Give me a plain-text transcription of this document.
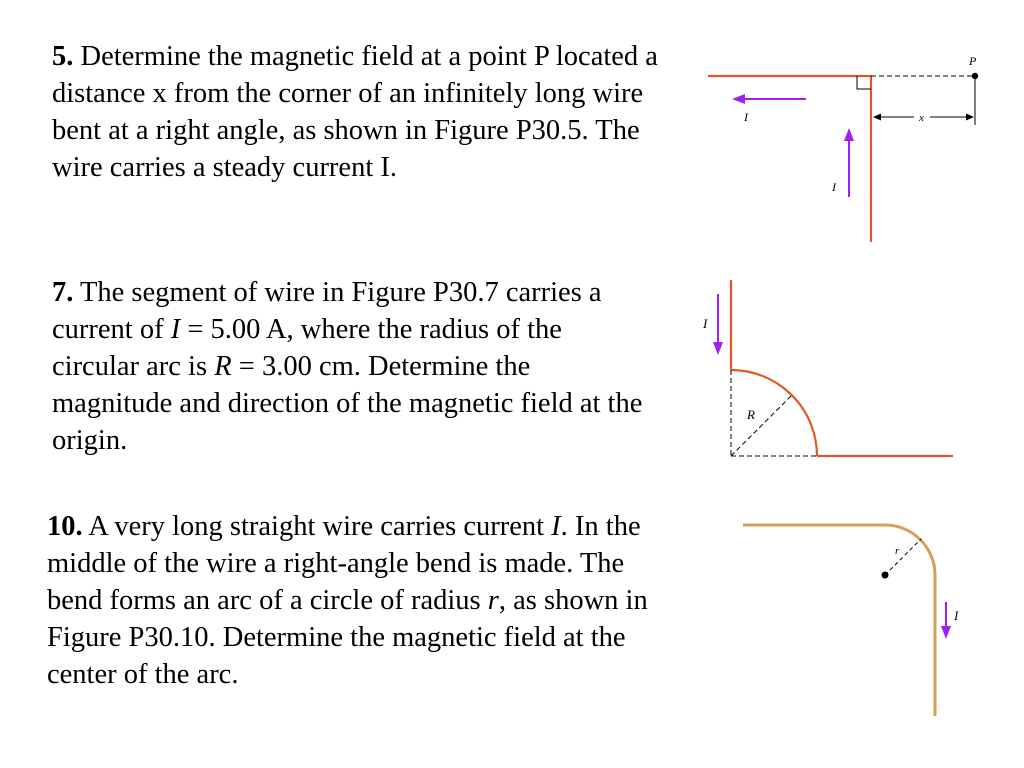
5. Determine the magnetic field at a point P located a distance x from the corner of an infinitely long wire bent at a right angle, as shown in Figure P30.5. The wire carries a steady current I.

P
x
I
I

7. The segment of wire in Figure P30.7 carries a current of I = 5.00 A, where the radius of the circular arc is R = 3.00 cm. Determine the magnitude and direction of the magnetic field at the origin.

R
I

10. A very long straight wire carries current I. In the middle of the wire a right-angle bend is made. The bend forms an arc of a circle of radius r, as shown in Figure P30.10. Determine the magnetic field at the center of the arc.

r
I
